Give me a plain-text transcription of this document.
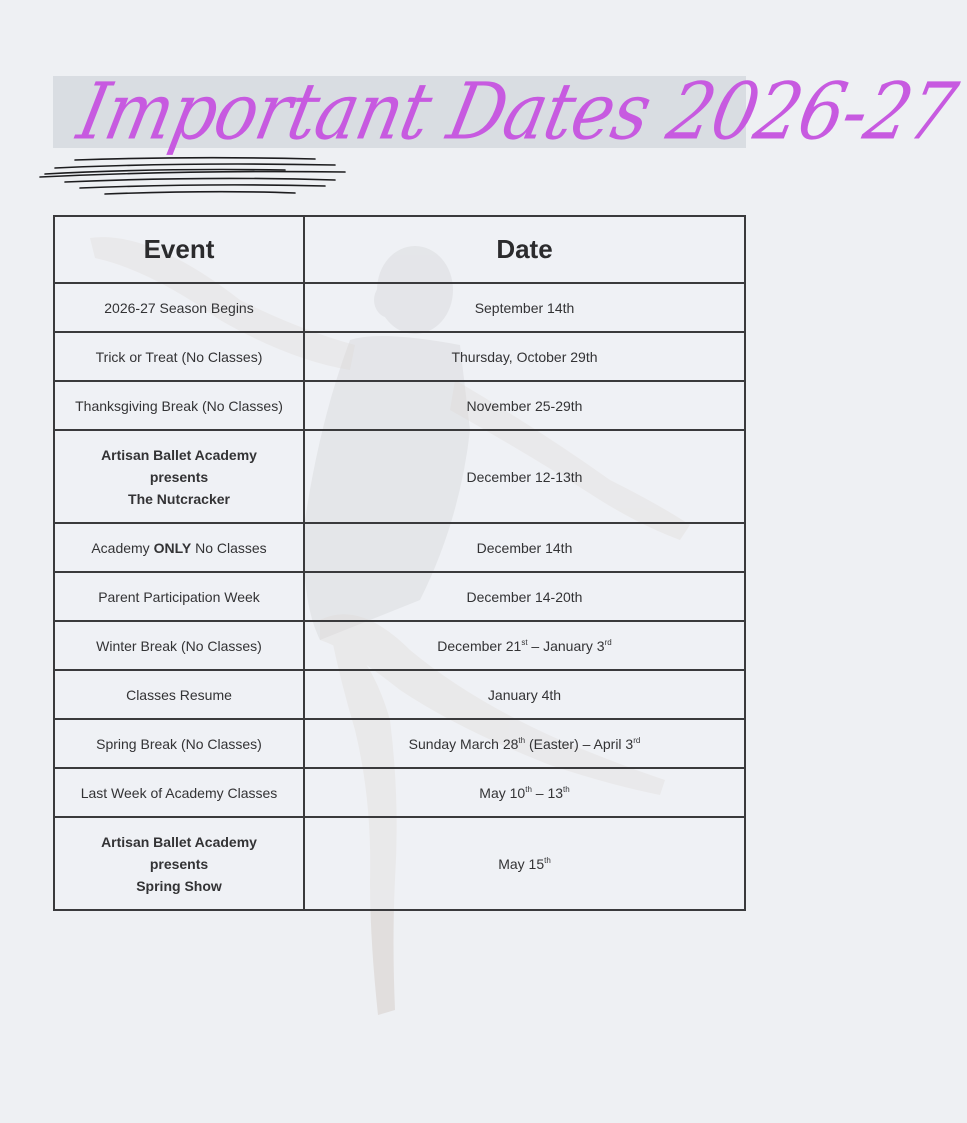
Important Dates 2026-27
Event	Date
2026-27 Season Begins	September 14th
Trick or Treat (No Classes)	Thursday, October 29th
Thanksgiving Break (No Classes)	November 25-29th

Artisan Ballet Academy
presents
The Nutcracker	December 12-13th
Academy ONLY No Classes	December 14th
Parent Participation Week	December 14-20th
Winter Break (No Classes)	December 21st – January 3rd
Classes Resume	January 4th
Spring Break (No Classes)	Sunday March 28th (Easter) – April 3rd
Last Week of Academy Classes	May 10th – 13th

Artisan Ballet Academy
presents
Spring Show	May 15th
